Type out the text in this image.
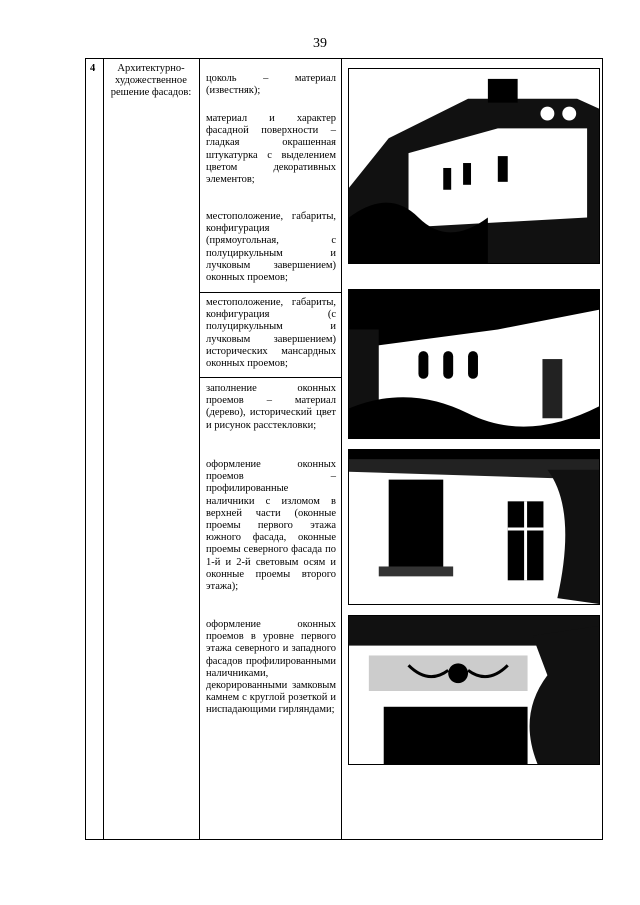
39
4	Архитектурно-художественное решение фасадов:
цоколь – материал (известняк);
материал и характер фасадной поверхности – гладкая окрашенная штукатурка с выделением цветом декоративных элементов;
местоположение, габариты, конфигурация (прямоугольная, с полуциркульным и лучковым завершением) оконных проемов;
местоположение, габариты, конфигурация (с полуциркульным и лучковым завершением) исторических мансардных оконных проемов;
заполнение оконных проемов – материал (дерево), исторический цвет и рисунок расстекловки;
оформление оконных проемов – профилированные наличники с изломом в верхней части (оконные проемы первого этажа южного фасада, оконные проемы северного фасада по 1-й и 2-й световым осям и оконные проемы второго этажа);
оформление оконных проемов в уровне первого этажа северного и западного фасадов профилированными наличниками, декорированными замковым камнем с круглой розеткой и ниспадающими гирляндами;
